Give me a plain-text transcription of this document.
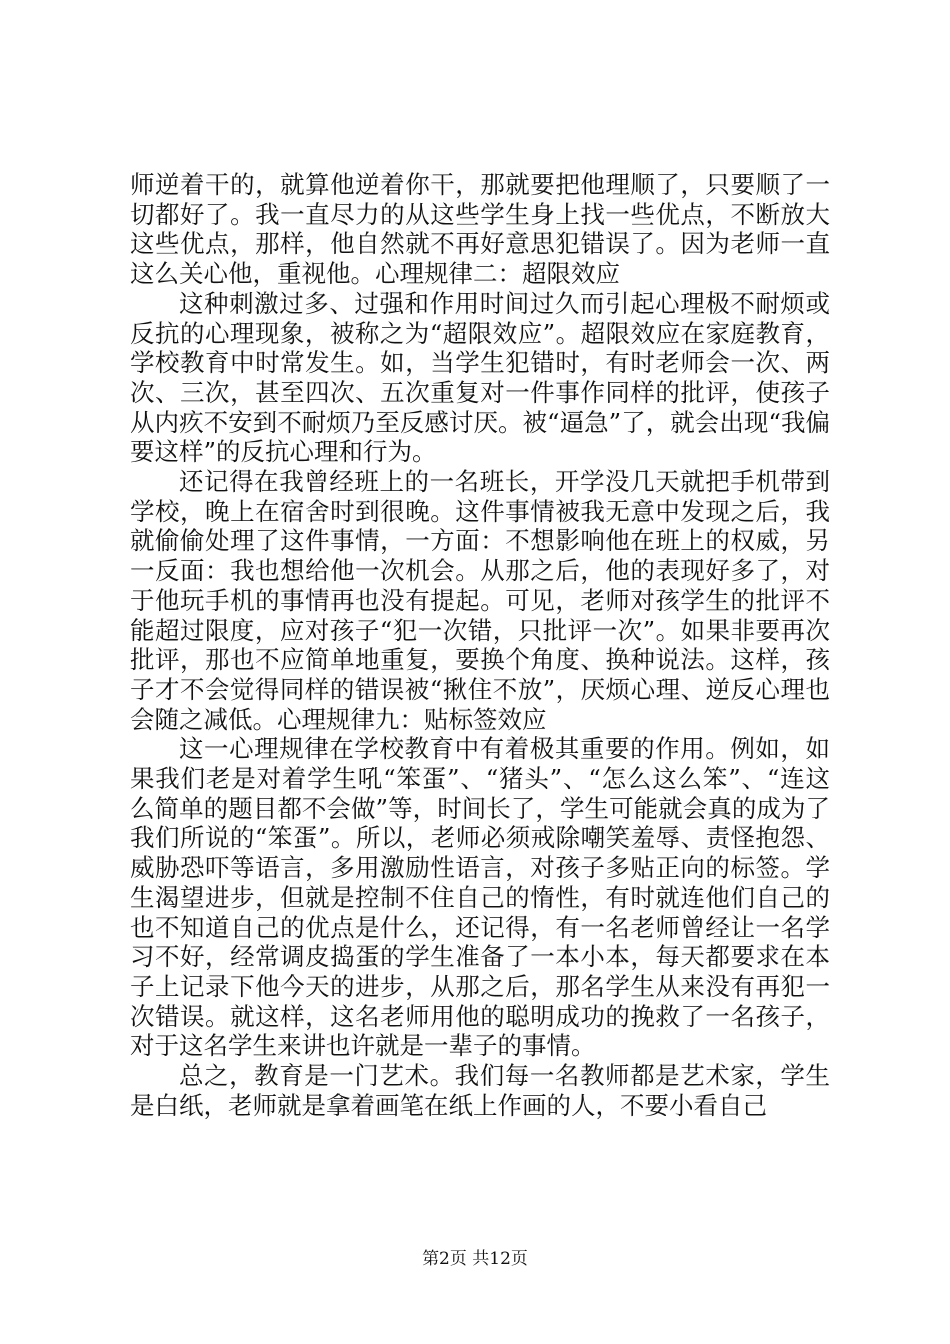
师逆着干的，就算他逆着你干，那就要把他理顺了，只要顺了一切都好了。我一直尽力的从这些学生身上找一些优点，不断放大这些优点，那样，他自然就不再好意思犯错误了。因为老师一直这么关心他，重视他。心理规律二：超限效应

这种刺激过多、过强和作用时间过久而引起心理极不耐烦或反抗的心理现象，被称之为“超限效应”。超限效应在家庭教育，学校教育中时常发生。如，当学生犯错时，有时老师会一次、两次、三次，甚至四次、五次重复对一件事作同样的批评，使孩子从内疚不安到不耐烦乃至反感讨厌。被“逼急”了，就会出现“我偏要这样”的反抗心理和行为。

还记得在我曾经班上的一名班长，开学没几天就把手机带到学校，晚上在宿舍时到很晚。这件事情被我无意中发现之后，我就偷偷处理了这件事情，一方面：不想影响他在班上的权威，另一反面：我也想给他一次机会。从那之后，他的表现好多了，对于他玩手机的事情再也没有提起。可见，老师对孩学生的批评不能超过限度，应对孩子“犯一次错，只批评一次”。如果非要再次批评，那也不应简单地重复，要换个角度、换种说法。这样，孩子才不会觉得同样的错误被“揪住不放”，厌烦心理、逆反心理也会随之减低。心理规律九：贴标签效应

这一心理规律在学校教育中有着极其重要的作用。例如，如果我们老是对着学生吼“笨蛋”、“猪头”、“怎么这么笨”、“连这么简单的题目都不会做”等，时间长了，学生可能就会真的成为了我们所说的“笨蛋”。所以，老师必须戒除嘲笑羞辱、责怪抱怨、威胁恐吓等语言，多用激励性语言，对孩子多贴正向的标签。学生渴望进步，但就是控制不住自己的惰性，有时就连他们自己的也不知道自己的优点是什么，还记得，有一名老师曾经让一名学习不好，经常调皮捣蛋的学生准备了一本小本，每天都要求在本子上记录下他今天的进步，从那之后，那名学生从来没有再犯一次错误。就这样，这名老师用他的聪明成功的挽救了一名孩子，对于这名学生来讲也许就是一辈子的事情。

总之，教育是一门艺术。我们每一名教师都是艺术家，学生是白纸，老师就是拿着画笔在纸上作画的人，不要小看自己

第2页 共12页
